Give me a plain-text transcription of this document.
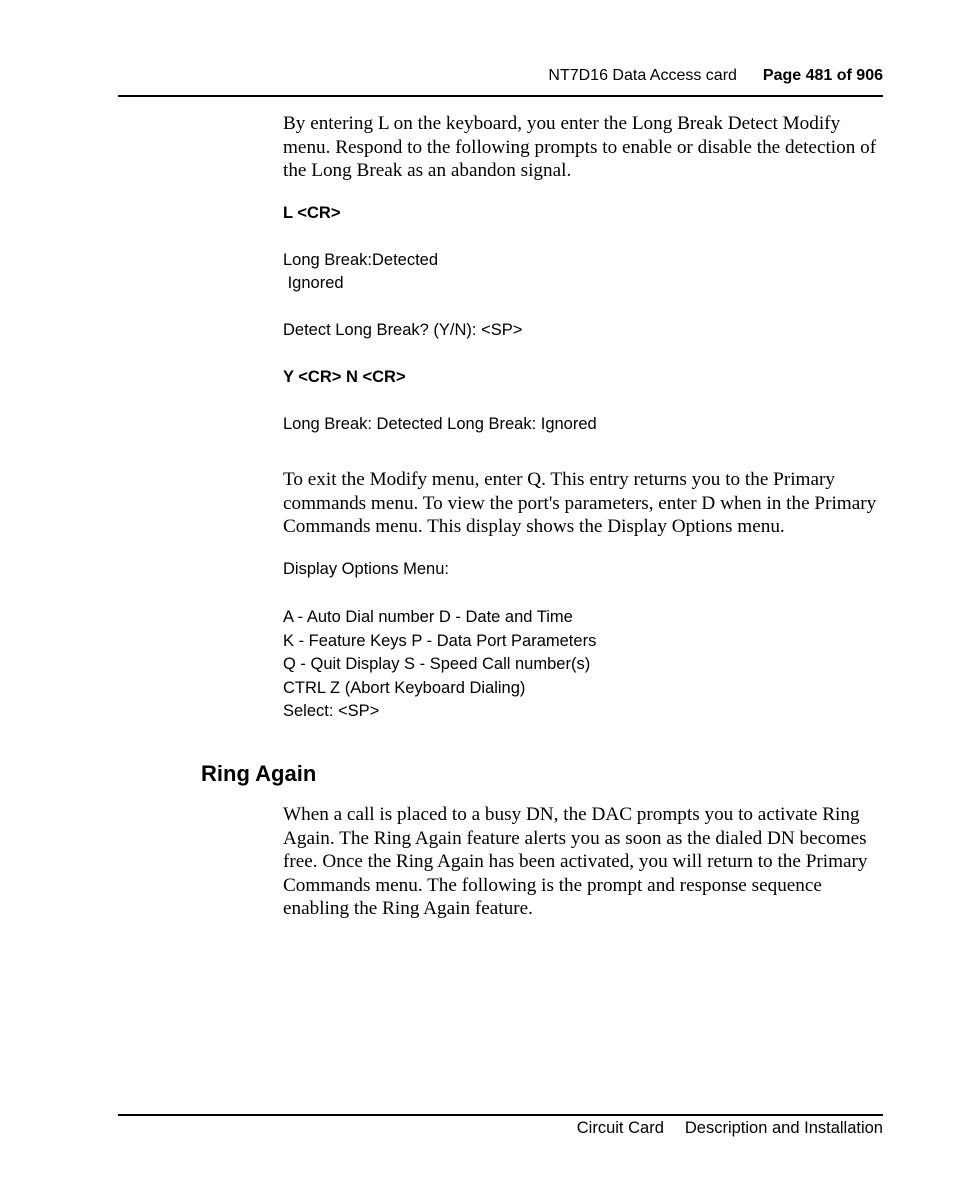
NT7D16 Data Access card Page 481 of 906
By entering L on the keyboard, you enter the Long Break Detect Modify
menu. Respond to the following prompts to enable or disable the detection of
the Long Break as an abandon signal.
L <CR>
Long Break:Detected
Ignored
Detect Long Break? (Y/N): <SP>
Y <CR> N <CR>
Long Break: Detected Long Break: Ignored
To exit the Modify menu, enter Q. This entry returns you to the Primary
commands menu. To view the port's parameters, enter D when in the Primary
Commands menu. This display shows the Display Options menu.
Display Options Menu:
A - Auto Dial number D - Date and Time
K - Feature Keys P - Data Port Parameters
Q - Quit Display S - Speed Call number(s)
CTRL Z (Abort Keyboard Dialing)
Select: <SP>
Ring Again
When a call is placed to a busy DN, the DAC prompts you to activate Ring
Again. The Ring Again feature alerts you as soon as the dialed DN becomes
free. Once the Ring Again has been activated, you will return to the Primary
Commands menu. The following is the prompt and response sequence
enabling the Ring Again feature.
Circuit Card Description and Installation
